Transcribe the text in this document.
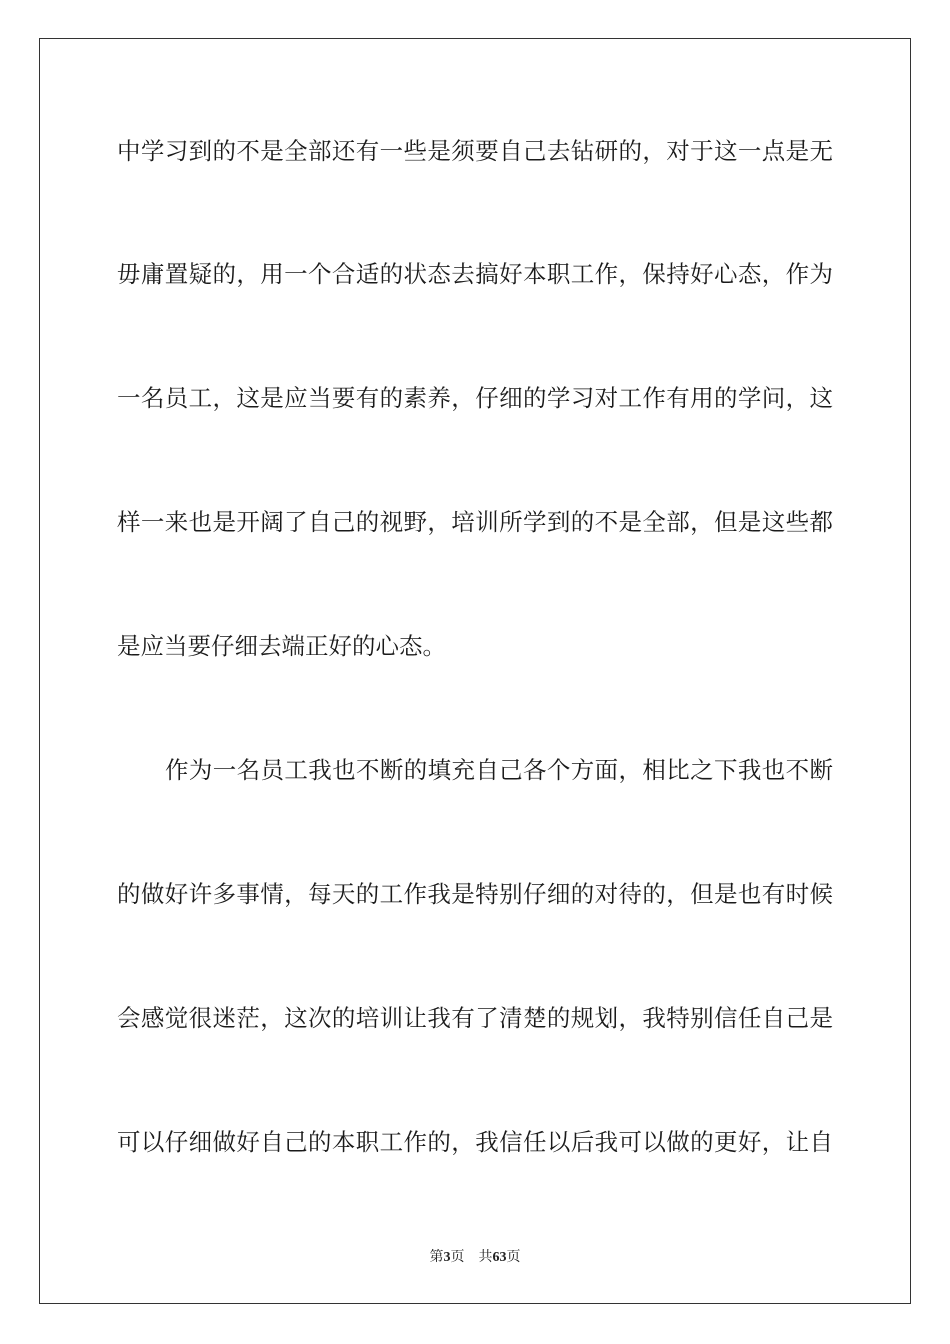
中学习到的不是全部还有一些是须要自己去钻研的，对于这一点是无
毋庸置疑的，用一个合适的状态去搞好本职工作，保持好心态，作为
一名员工，这是应当要有的素养，仔细的学习对工作有用的学问，这
样一来也是开阔了自己的视野，培训所学到的不是全部，但是这些都
是应当要仔细去端正好的心态。
作为一名员工我也不断的填充自己各个方面，相比之下我也不断
的做好许多事情，每天的工作我是特别仔细的对待的，但是也有时候
会感觉很迷茫，这次的培训让我有了清楚的规划，我特别信任自己是
可以仔细做好自己的本职工作的，我信任以后我可以做的更好，让自
第3页 共63页
